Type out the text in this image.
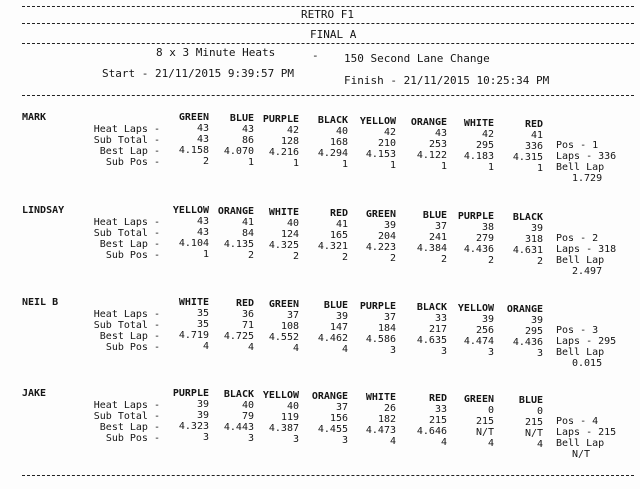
RETRO F1
FINAL A
8 x 3 Minute Heats	- 150 Second Lane Change
Start - 21/11/2015 9:39:57 PM
Finish - 21/11/2015 10:25:34 PM
MARK
Heat Laps -
Sub Total -
Best Lap -
Sub Pos -
GREEN
43
43
4.158
2
BLUE
43
86
4.070
1
PURPLE
42
128
4.216
1
BLACK
40
168
4.294
1
YELLOW
42
210
4.153
1
ORANGE
43
253
4.122
1
WHITE
42
295
4.183
1
RED
41
336
4.315
1
Pos - 1
Laps - 336
Bell Lap
1.729
LINDSAY
Heat Laps -
Sub Total -
Best Lap -
Sub Pos -
YELLOW
43
43
4.104
1
ORANGE
41
84
4.135
2
WHITE
40
124
4.325
2
RED
41
165
4.321
2
GREEN
39
204
4.223
2
BLUE
37
241
4.384
2
PURPLE
38
279
4.436
2
BLACK
39
318
4.631
2
Pos - 2
Laps - 318
Bell Lap
2.497
NEIL B
Heat Laps -
Sub Total -
Best Lap -
Sub Pos -
WHITE
35
35
4.719
4
RED
36
71
4.725
4
GREEN
37
108
4.552
4
BLUE
39
147
4.462
4
PURPLE
37
184
4.586
3
BLACK
33
217
4.635
3
YELLOW
39
256
4.474
3
ORANGE
39
295
4.436
3
Pos - 3
Laps - 295
Bell Lap
0.015
JAKE
Heat Laps -
Sub Total -
Best Lap -
Sub Pos -
PURPLE
39
39
4.323
3
BLACK
40
79
4.443
3
YELLOW
40
119
4.387
3
ORANGE
37
156
4.455
3
WHITE
26
182
4.473
4
RED
33
215
4.646
4
GREEN
0
215
N/T
4
BLUE
0
215
N/T
4
Pos - 4
Laps - 215
Bell Lap
N/T
